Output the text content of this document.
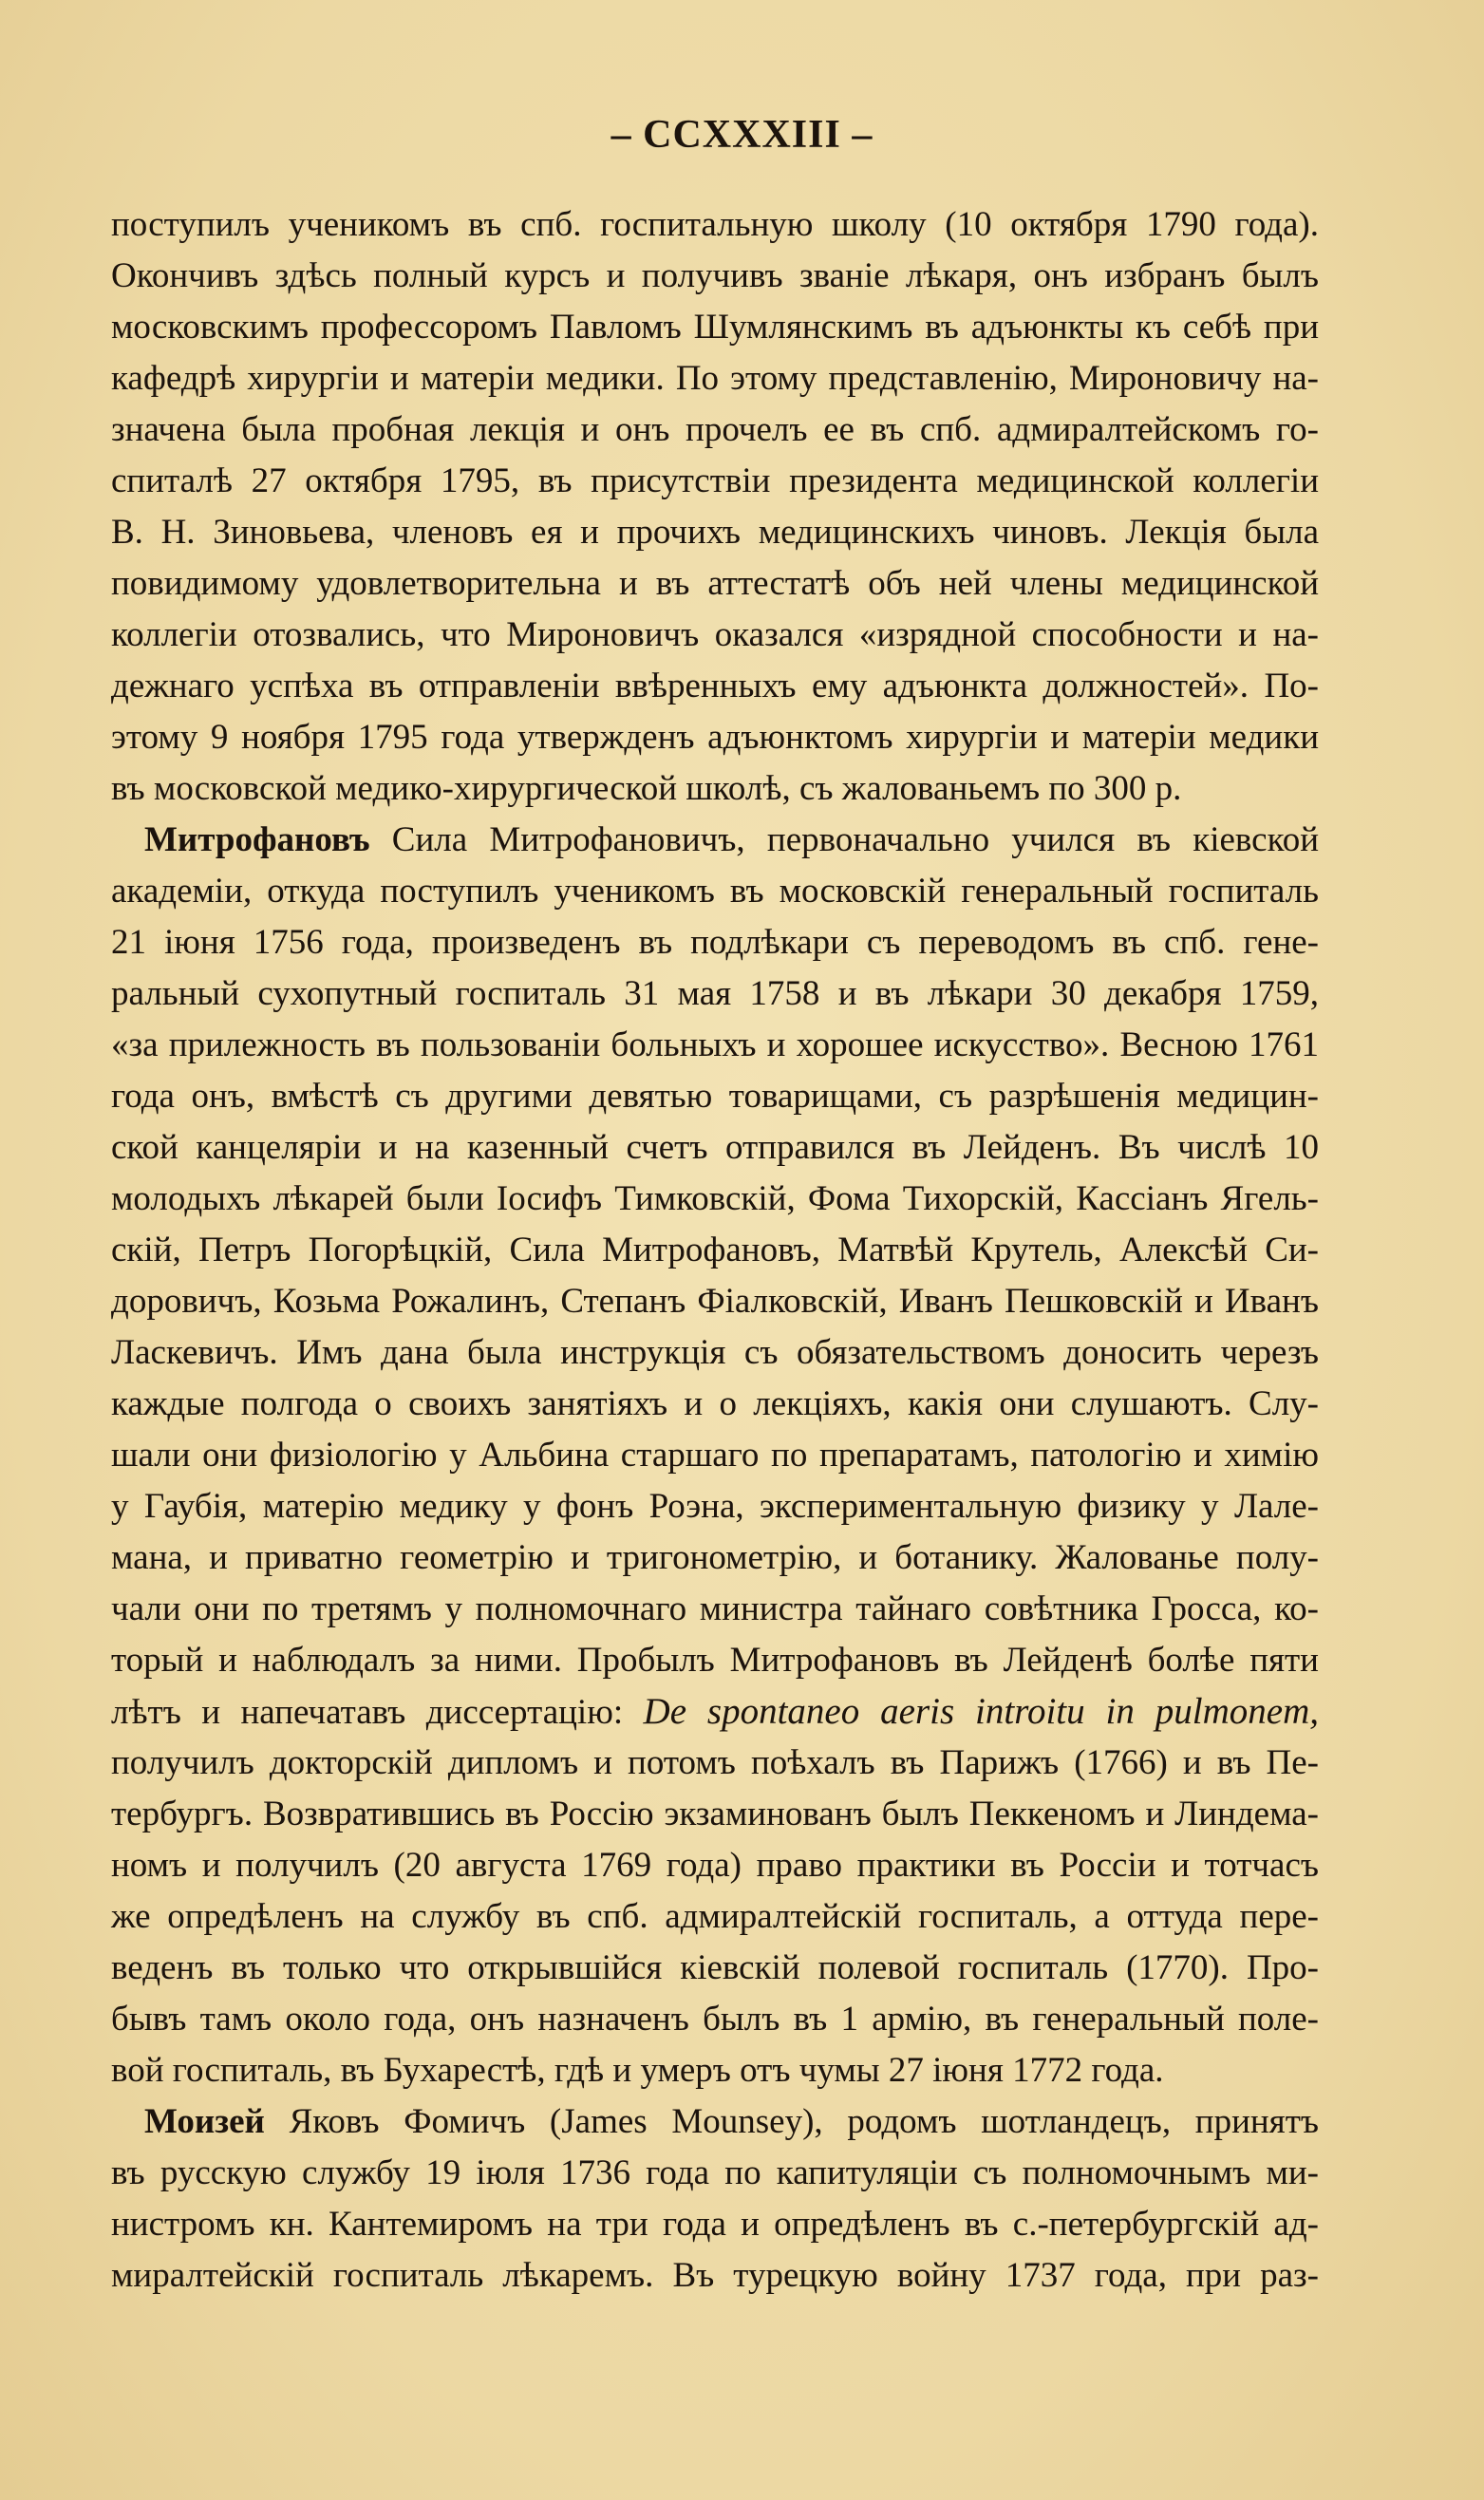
– CCXXXIII –
поступилъ ученикомъ въ спб. госпитальную школу (10 октября 1790 года).
Окончивъ здѣсь полный курсъ и получивъ званіе лѣкаря, онъ избранъ былъ
московскимъ профессоромъ Павломъ Шумлянскимъ въ адъюнкты къ себѣ при
кафедрѣ хирургіи и матеріи медики. По этому представленію, Мироновичу на-
значена была пробная лекція и онъ прочелъ ее въ спб. адмиралтейскомъ го-
спиталѣ 27 октября 1795, въ присутствіи президента медицинской коллегіи
В. Н. Зиновьева, членовъ ея и прочихъ медицинскихъ чиновъ. Лекція была
повидимому удовлетворительна и въ аттестатѣ объ ней члены медицинской
коллегіи отозвались, что Мироновичъ оказался «изрядной способности и на-
дежнаго успѣха въ отправленіи ввѣренныхъ ему адъюнкта должностей». По-
этому 9 ноября 1795 года утвержденъ адъюнктомъ хирургіи и матеріи медики
въ московской медико-хирургической школѣ, съ жалованьемъ по 300 р.
Митрофановъ Сила Митрофановичъ, первоначально учился въ кіевской
академіи, откуда поступилъ ученикомъ въ московскій генеральный госпиталь
21 іюня 1756 года, произведенъ въ подлѣкари съ переводомъ въ спб. гене-
ральный сухопутный госпиталь 31 мая 1758 и въ лѣкари 30 декабря 1759,
«за прилежность въ пользованіи больныхъ и хорошее искусство». Весною 1761
года онъ, вмѣстѣ съ другими девятью товарищами, съ разрѣшенія медицин-
ской канцеляріи и на казенный счетъ отправился въ Лейденъ. Въ числѣ 10
молодыхъ лѣкарей были Іосифъ Тимковскій, Фома Тихорскій, Кассіанъ Ягель-
скій, Петръ Погорѣцкій, Сила Митрофановъ, Матвѣй Крутель, Алексѣй Си-
доровичъ, Козьма Рожалинъ, Степанъ Фіалковскій, Иванъ Пешковскій и Иванъ
Ласкевичъ. Имъ дана была инструкція съ обязательствомъ доносить черезъ
каждые полгода о своихъ занятіяхъ и о лекціяхъ, какія они слушаютъ. Слу-
шали они физіологію у Альбина старшаго по препаратамъ, патологію и химію
у Гаубія, матерію медику у фонъ Роэна, экспериментальную физику у Лале-
мана, и приватно геометрію и тригонометрію, и ботанику. Жалованье полу-
чали они по третямъ у полномочнаго министра тайнаго совѣтника Гросса, ко-
торый и наблюдалъ за ними. Пробылъ Митрофановъ въ Лейденѣ болѣе пяти
лѣтъ и напечатавъ диссертацію: De spontaneo aeris introitu in pulmonem,
получилъ докторскій дипломъ и потомъ поѣхалъ въ Парижъ (1766) и въ Пе-
тербургъ. Возвратившись въ Россію экзаминованъ былъ Пеккеномъ и Линдема-
номъ и получилъ (20 августа 1769 года) право практики въ Россіи и тотчасъ
же опредѣленъ на службу въ спб. адмиралтейскій госпиталь, а оттуда пере-
веденъ въ только что открывшійся кіевскій полевой госпиталь (1770). Про-
бывъ тамъ около года, онъ назначенъ былъ въ 1 армію, въ генеральный поле-
вой госпиталь, въ Бухарестѣ, гдѣ и умеръ отъ чумы 27 іюня 1772 года.
Моизей Яковъ Фомичъ (James Mounsey), родомъ шотландецъ, принятъ
въ русскую службу 19 іюля 1736 года по капитуляціи съ полномочнымъ ми-
нистромъ кн. Кантемиромъ на три года и опредѣленъ въ с.-петербургскій ад-
миралтейскій госпиталь лѣкаремъ. Въ турецкую войну 1737 года, при раз-
